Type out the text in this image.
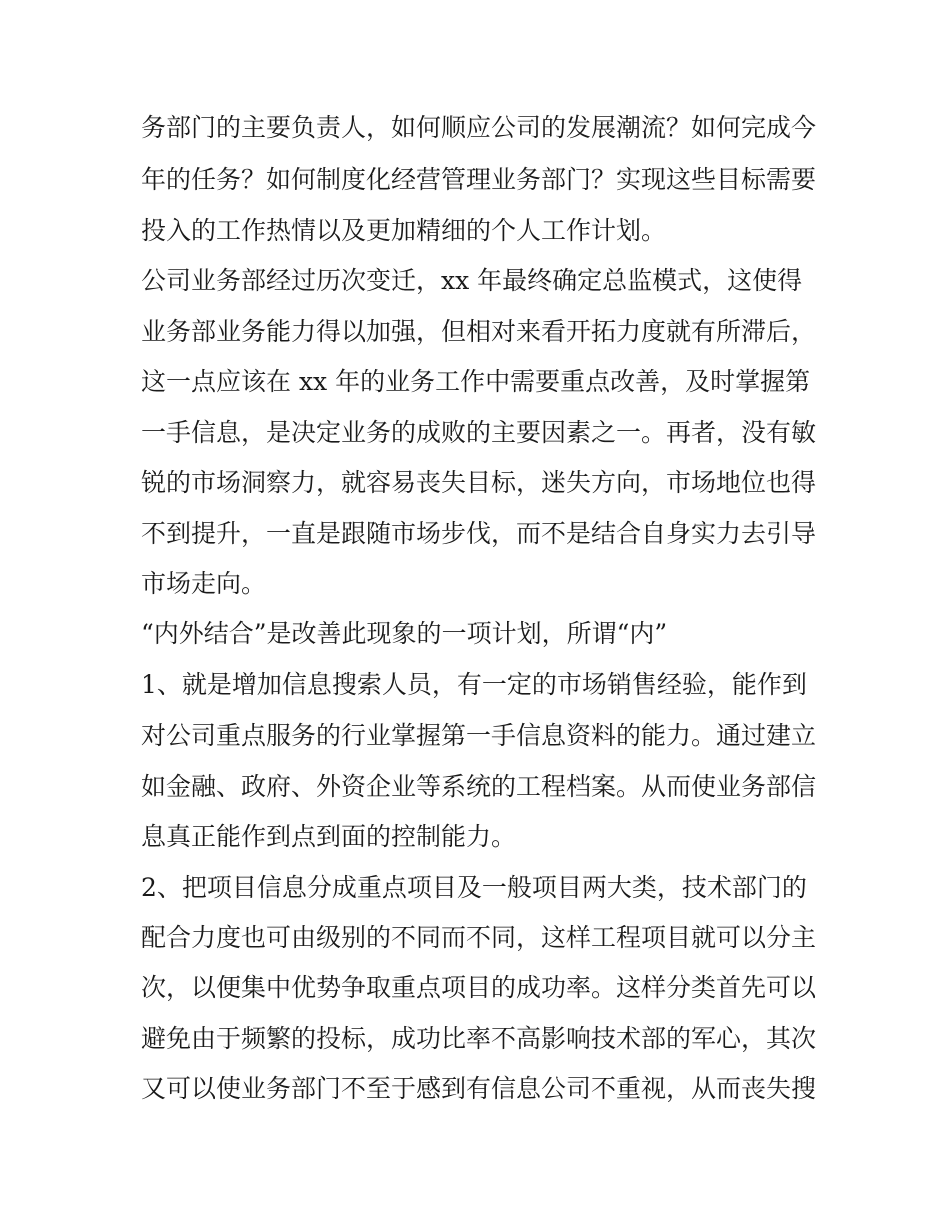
务部门的主要负责人，如何顺应公司的发展潮流？如何完成今
年的任务？如何制度化经营管理业务部门？实现这些目标需要
投入的工作热情以及更加精细的个人工作计划。
公司业务部经过历次变迁，xx 年最终确定总监模式，这使得
业务部业务能力得以加强，但相对来看开拓力度就有所滞后，
这一点应该在 xx 年的业务工作中需要重点改善，及时掌握第
一手信息，是决定业务的成败的主要因素之一。再者，没有敏
锐的市场洞察力，就容易丧失目标，迷失方向，市场地位也得
不到提升，一直是跟随市场步伐，而不是结合自身实力去引导
市场走向。
“内外结合”是改善此现象的一项计划，所谓“内”
1、就是增加信息搜索人员，有一定的市场销售经验，能作到
对公司重点服务的行业掌握第一手信息资料的能力。通过建立
如金融、政府、外资企业等系统的工程档案。从而使业务部信
息真正能作到点到面的控制能力。
2、把项目信息分成重点项目及一般项目两大类，技术部门的
配合力度也可由级别的不同而不同，这样工程项目就可以分主
次，以便集中优势争取重点项目的成功率。这样分类首先可以
避免由于频繁的投标，成功比率不高影响技术部的军心，其次
又可以使业务部门不至于感到有信息公司不重视，从而丧失搜
